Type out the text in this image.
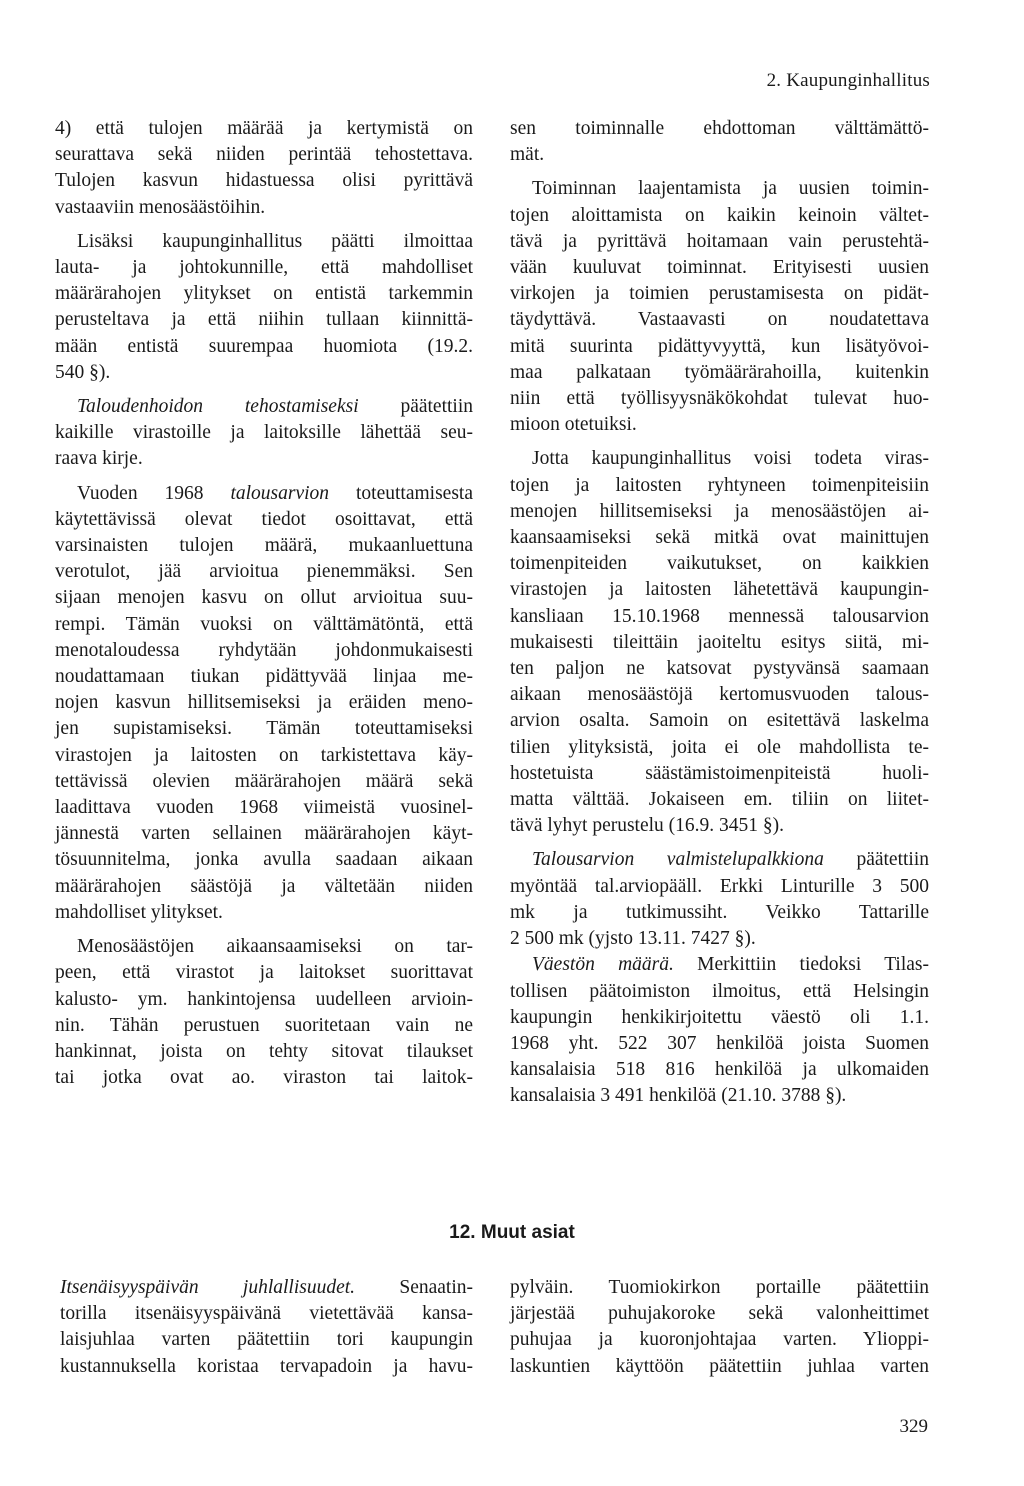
2. Kaupunginhallitus

4) että tulojen määrää ja kertymistä on
seurattava sekä niiden perintää tehostettava.
Tulojen kasvun hidastuessa olisi pyrittävä
vastaaviin menosäästöihin.

Lisäksi kaupunginhallitus päätti ilmoittaa
lauta- ja johtokunnille, että mahdolliset
määrärahojen ylitykset on entistä tarkemmin
perusteltava ja että niihin tullaan kiinnittä-
mään entistä suurempaa huomiota (19.2.
540 §).

Taloudenhoidon tehostamiseksi päätettiin
kaikille virastoille ja laitoksille lähettää seu-
raava kirje.

Vuoden 1968 talousarvion toteuttamisesta
käytettävissä olevat tiedot osoittavat, että
varsinaisten tulojen määrä, mukaanluettuna
verotulot, jää arvioitua pienemmäksi. Sen
sijaan menojen kasvu on ollut arvioitua suu-
rempi. Tämän vuoksi on välttämätöntä, että
menotaloudessa ryhdytään johdonmukaisesti
noudattamaan tiukan pidättyvää linjaa me-
nojen kasvun hillitsemiseksi ja eräiden meno-
jen supistamiseksi. Tämän toteuttamiseksi
virastojen ja laitosten on tarkistettava käy-
tettävissä olevien määrärahojen määrä sekä
laadittava vuoden 1968 viimeistä vuosinel-
jännestä varten sellainen määrärahojen käyt-
tösuunnitelma, jonka avulla saadaan aikaan
määrärahojen säästöjä ja vältetään niiden
mahdolliset ylitykset.

Menosäästöjen aikaansaamiseksi on tar-
peen, että virastot ja laitokset suorittavat
kalusto- ym. hankintojensa uudelleen arvioin-
nin. Tähän perustuen suoritetaan vain ne
hankinnat, joista on tehty sitovat tilaukset
tai jotka ovat ao. viraston tai laitok-

sen toiminnalle ehdottoman välttämättö-
mät.

Toiminnan laajentamista ja uusien toimin-
tojen aloittamista on kaikin keinoin vältet-
tävä ja pyrittävä hoitamaan vain perustehtä-
vään kuuluvat toiminnat. Erityisesti uusien
virkojen ja toimien perustamisesta on pidät-
täydyttävä. Vastaavasti on noudatettava
mitä suurinta pidättyvyyttä, kun lisätyövoi-
maa palkataan työmäärärahoilla, kuitenkin
niin että työllisyysnäkökohdat tulevat huo-
mioon otetuiksi.

Jotta kaupunginhallitus voisi todeta viras-
tojen ja laitosten ryhtyneen toimenpiteisiin
menojen hillitsemiseksi ja menosäästöjen ai-
kaansaamiseksi sekä mitkä ovat mainittujen
toimenpiteiden vaikutukset, on kaikkien
virastojen ja laitosten lähetettävä kaupungin-
kansliaan 15.10.1968 mennessä talousarvion
mukaisesti tileittäin jaoiteltu esitys siitä, mi-
ten paljon ne katsovat pystyvänsä saamaan
aikaan menosäästöjä kertomusvuoden talous-
arvion osalta. Samoin on esitettävä laskelma
tilien ylityksistä, joita ei ole mahdollista te-
hostetuista säästämistoimenpiteistä huoli-
matta välttää. Jokaiseen em. tiliin on liitet-
tävä lyhyt perustelu (16.9. 3451 §).

Talousarvion valmistelupalkkiona päätettiin
myöntää tal.arviopääll. Erkki Linturille 3 500
mk ja tutkimussiht. Veikko Tattarille
2 500 mk (yjsto 13.11. 7427 §).

Väestön määrä. Merkittiin tiedoksi Tilas-
tollisen päätoimiston ilmoitus, että Helsingin
kaupungin henkikirjoitettu väestö oli 1.1.
1968 yht. 522 307 henkilöä joista Suomen
kansalaisia 518 816 henkilöä ja ulkomaiden
kansalaisia 3 491 henkilöä (21.10. 3788 §).

12. Muut asiat
Itsenäisyyspäivän juhlallisuudet. Senaatin-
torilla itsenäisyyspäivänä vietettävää kansa-
laisjuhlaa varten päätettiin tori kaupungin
kustannuksella koristaa tervapadoin ja havu-
pylväin. Tuomiokirkon portaille päätettiin
järjestää puhujakoroke sekä valonheittimet
puhujaa ja kuoronjohtajaa varten. Ylioppi-
laskuntien käyttöön päätettiin juhlaa varten
329
